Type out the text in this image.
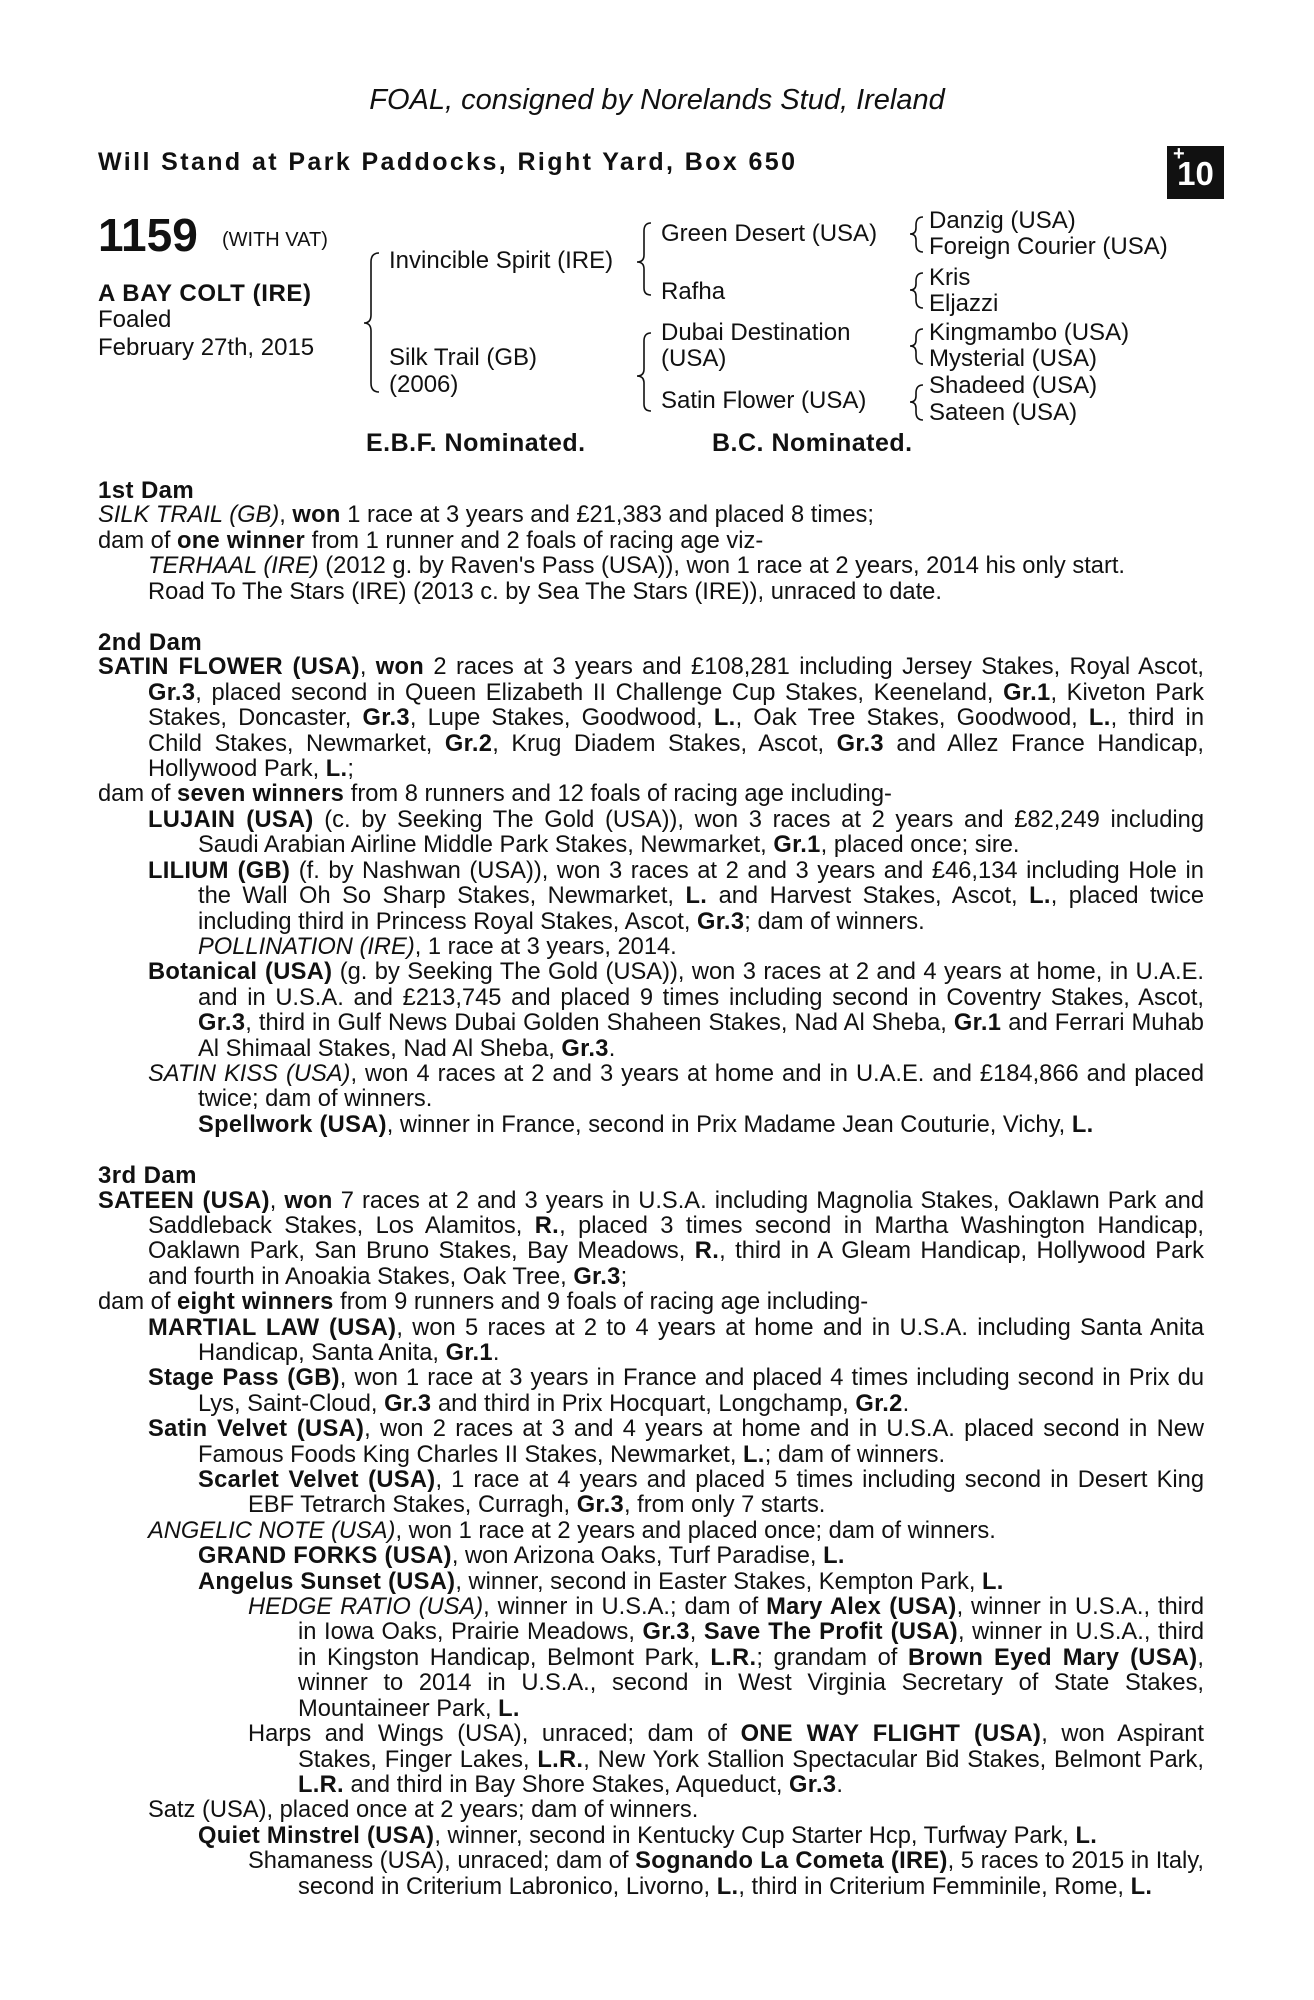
FOAL, consigned by Norelands Stud, Ireland
Will Stand at Park Paddocks, Right Yard, Box 650	+
10
1159 (WITH VAT)
A BAY COLT (IRE)
Foaled
February 27th, 2015
Invincible Spirit (IRE)
Silk Trail (GB)
(2006)
Green Desert (USA)
Rafha
Dubai Destination
(USA)
Satin Flower (USA)
Danzig (USA)
Foreign Courier (USA)
Kris
Eljazzi
Kingmambo (USA)
Mysterial (USA)
Shadeed (USA)
Sateen (USA)
E.B.F. Nominated.	B.C. Nominated.

1st Dam

SILK TRAIL (GB), won 1 race at 3 years and £21,383 and placed 8 times;

dam of one winner from 1 runner and 2 foals of racing age viz-

TERHAAL (IRE) (2012 g. by Raven's Pass (USA)), won 1 race at 2 years, 2014 his only start.

Road To The Stars (IRE) (2013 c. by Sea The Stars (IRE)), unraced to date.

2nd Dam

SATIN FLOWER (USA), won 2 races at 3 years and £108,281 including Jersey Stakes, Royal Ascot, Gr.3, placed second in Queen Elizabeth II Challenge Cup Stakes, Keeneland, Gr.1, Kiveton Park Stakes, Doncaster, Gr.3, Lupe Stakes, Goodwood, L., Oak Tree Stakes, Goodwood, L., third in Child Stakes, Newmarket, Gr.2, Krug Diadem Stakes, Ascot, Gr.3 and Allez France Handicap, Hollywood Park, L.;

dam of seven winners from 8 runners and 12 foals of racing age including-

LUJAIN (USA) (c. by Seeking The Gold (USA)), won 3 races at 2 years and £82,249 including Saudi Arabian Airline Middle Park Stakes, Newmarket, Gr.1, placed once; sire.

LILIUM (GB) (f. by Nashwan (USA)), won 3 races at 2 and 3 years and £46,134 including Hole in the Wall Oh So Sharp Stakes, Newmarket, L. and Harvest Stakes, Ascot, L., placed twice including third in Princess Royal Stakes, Ascot, Gr.3; dam of winners.

POLLINATION (IRE), 1 race at 3 years, 2014.

Botanical (USA) (g. by Seeking The Gold (USA)), won 3 races at 2 and 4 years at home, in U.A.E. and in U.S.A. and £213,745 and placed 9 times including second in Coventry Stakes, Ascot, Gr.3, third in Gulf News Dubai Golden Shaheen Stakes, Nad Al Sheba, Gr.1 and Ferrari Muhab Al Shimaal Stakes, Nad Al Sheba, Gr.3.

SATIN KISS (USA), won 4 races at 2 and 3 years at home and in U.A.E. and £184,866 and placed twice; dam of winners.

Spellwork (USA), winner in France, second in Prix Madame Jean Couturie, Vichy, L.

3rd Dam

SATEEN (USA), won 7 races at 2 and 3 years in U.S.A. including Magnolia Stakes, Oaklawn Park and Saddleback Stakes, Los Alamitos, R., placed 3 times second in Martha Washington Handicap, Oaklawn Park, San Bruno Stakes, Bay Meadows, R., third in A Gleam Handicap, Hollywood Park and fourth in Anoakia Stakes, Oak Tree, Gr.3;

dam of eight winners from 9 runners and 9 foals of racing age including-

MARTIAL LAW (USA), won 5 races at 2 to 4 years at home and in U.S.A. including Santa Anita Handicap, Santa Anita, Gr.1.

Stage Pass (GB), won 1 race at 3 years in France and placed 4 times including second in Prix du Lys, Saint-Cloud, Gr.3 and third in Prix Hocquart, Longchamp, Gr.2.

Satin Velvet (USA), won 2 races at 3 and 4 years at home and in U.S.A. placed second in New Famous Foods King Charles II Stakes, Newmarket, L.; dam of winners.

Scarlet Velvet (USA), 1 race at 4 years and placed 5 times including second in Desert King EBF Tetrarch Stakes, Curragh, Gr.3, from only 7 starts.

ANGELIC NOTE (USA), won 1 race at 2 years and placed once; dam of winners.

GRAND FORKS (USA), won Arizona Oaks, Turf Paradise, L.

Angelus Sunset (USA), winner, second in Easter Stakes, Kempton Park, L.

HEDGE RATIO (USA), winner in U.S.A.; dam of Mary Alex (USA), winner in U.S.A., third in Iowa Oaks, Prairie Meadows, Gr.3, Save The Profit (USA), winner in U.S.A., third in Kingston Handicap, Belmont Park, L.R.; grandam of Brown Eyed Mary (USA), winner to 2014 in U.S.A., second in West Virginia Secretary of State Stakes, Mountaineer Park, L.

Harps and Wings (USA), unraced; dam of ONE WAY FLIGHT (USA), won Aspirant Stakes, Finger Lakes, L.R., New York Stallion Spectacular Bid Stakes, Belmont Park, L.R. and third in Bay Shore Stakes, Aqueduct, Gr.3.

Satz (USA), placed once at 2 years; dam of winners.

Quiet Minstrel (USA), winner, second in Kentucky Cup Starter Hcp, Turfway Park, L.

Shamaness (USA), unraced; dam of Sognando La Cometa (IRE), 5 races to 2015 in Italy, second in Criterium Labronico, Livorno, L., third in Criterium Femminile, Rome, L.
